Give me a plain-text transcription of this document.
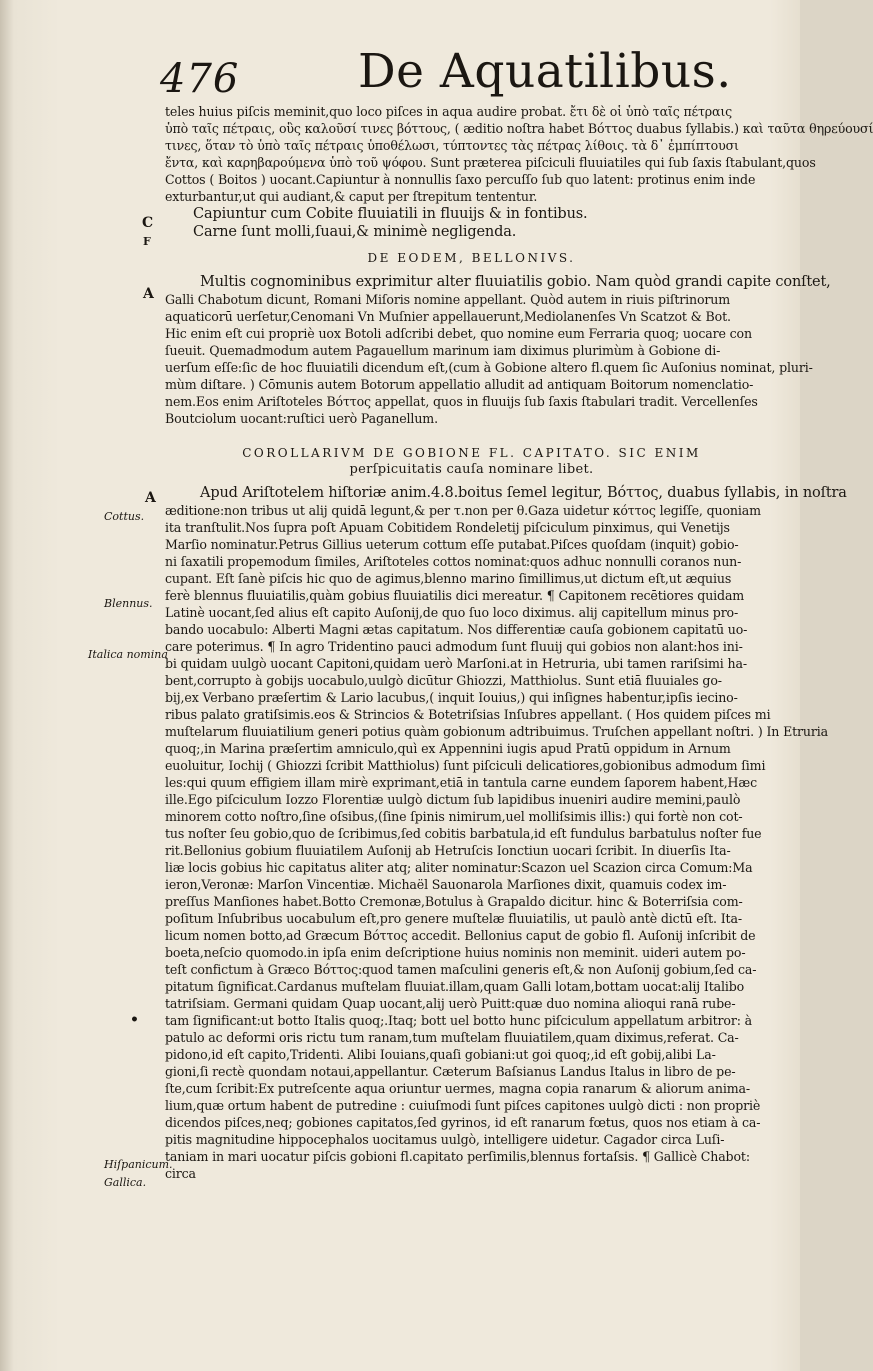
476	De Aquatilibus.
C
F
A
A
•
Cottus.
Blennus.
Italica nomina
Hiſpanicum.
Gallica.
DE EODEM, BELLONIVS.
COROLLARIVM DE GOBIONE FL. CAPITATO. SIC ENIM
perſpicuitatis cauſa nominare libet.
teles huius piſcis meminit,quo loco piſces in aqua audire probat. ἔτι δὲ οἱ ὑπὸ ταῖς πέτραις
ὑπὸ ταῖς πέτραις, οὓς καλοῦσί τινες βόττους, ( æditio noſtra habet Βόττος duabus ſyllabis.) καὶ ταῦτα θηρεύουσί
τινες, ὅταν τὸ ὑπὸ ταῖς πέτραις ὑποθέλωσι, τύπτοντες τὰς πέτρας λίθοις. τὰ δ᾽ ἐμπίπτουσι
ἔντα, καὶ καρηβαρούμενα ὑπὸ τοῦ ψόφου. Sunt præterea piſciculi fluuiatiles qui ſub ſaxis ſtabulant,quos
Cottos ( Βoitos ) uocant.Capiuntur à nonnullis ſaxo percuſſo ſub quo latent: protinus enim inde
exturbantur,ut qui audiant,& caput per ſtrepitum tententur.
Capiuntur cum Cobite fluuiatili in fluuijs & in fontibus.
Carne ſunt molli,ſuaui,& minimè negligenda.
Multis cognominibus exprimitur alter fluuiatilis gobio. Nam quòd grandi capite conſtet,
Galli Chabotum dicunt, Romani Miſoris nomine appellant. Quòd autem in riuis piſtrinorum
aquaticorū uerſetur,Cenomani Vn Muſnier appellauerunt,Mediolanenſes Vn Scatzot & Bot.
Hic enim eſt cui propriè uox Botoli adſcribi debet, quo nomine eum Ferraria quoq; uocare con
ſueuit. Quemadmodum autem Pagauellum marinum iam diximus plurimùm à Gobione di-
uerſum eſſe:ſic de hoc fluuiatili dicendum eſt,(cum à Gobione altero fl.quem ſic Auſonius nominat, pluri-
mùm diſtare. ) Cōmunis autem Botorum appellatio alludit ad antiquam Boitorum nomenclatio-
nem.Eos enim Ariſtoteles Βόττος appellat, quos in fluuijs ſub ſaxis ſtabulari tradit. Vercellenſes
Boutciolum uocant:ruſtici uerò Paganellum.
Apud Ariſtotelem hiſtoriæ anim.4.8.boitus ſemel legitur, Βόττος, duabus ſyllabis, in noſtra
æditione:non tribus ut alij quidā legunt,& per τ.non per θ.Gaza uidetur κόττος legiſſe, quoniam
ita tranſtulit.Nos ſupra poſt Apuam Cobitidem Rondeletij piſciculum pinximus, qui Venetijs
Marſio nominatur.Petrus Gillius ueterum cottum eſſe putabat.Piſces quoſdam (inquit) gobio-
ni ſaxatili propemodum ſimiles, Ariſtoteles cottos nominat:quos adhuc nonnulli coranos nun-
cupant. Eſt ſanè piſcis hic quo de agimus,blenno marino ſimillimus,ut dictum eſt,ut æquius
ferè blennus fluuiatilis,quàm gobius fluuiatilis dici mereatur. ¶ Capitonem recētiores quidam
Latinè uocant,ſed alius eſt capito Auſonij,de quo ſuo loco diximus. alij capitellum minus pro-
bando uocabulo: Alberti Magni ætas capitatum. Nos differentiæ cauſa gobionem capitatū uo-
care poterimus. ¶ In agro Tridentino pauci admodum ſunt fluuij qui gobios non alant:hos ini-
bi quidam uulgò uocant Capitoni,quidam uerò Marſoni.at in Hetruria, ubi tamen rariſsimi ha-
bent,corrupto à gobijs uocabulo,uulgò dicūtur Ghiozzi, Matthiolus. Sunt etiā fluuiales go-
bij,ex Verbano præſertim & Lario lacubus,( inquit Iouius,) qui inſignes habentur,ipſis iecino-
ribus palato gratiſsimis.eos & Strincios & Botetriſsias Inſubres appellant. ( Hos quidem piſces mi
muſtelarum fluuiatilium generi potius quàm gobionum adtribuimus. Truſchen appellant noſtri. ) In Etruria
quoq;,in Marina præſertim amniculo,quì ex Appennini iugis apud Pratū oppidum in Arnum
euoluitur, Iochij ( Ghiozzi ſcribit Matthiolus) ſunt piſciculi delicatiores,gobionibus admodum ſimi
les:qui quum effigiem illam mirè exprimant,etiā in tantula carne eundem ſaporem habent,Hæc
ille.Ego piſciculum Iozzo Florentiæ uulgò dictum ſub lapidibus inueniri audire memini,paulò
minorem cotto noſtro,ſine oſsibus,(ſine ſpinis nimirum,uel molliſsimis illis:) qui fortè non cot-
tus noſter ſeu gobio,quo de ſcribimus,ſed cobitis barbatula,id eſt fundulus barbatulus noſter fue
rit.Bellonius gobium fluuiatilem Auſonij ab Hetruſcis Ionctiun uocari ſcribit. In diuerſis Ita-
liæ locis gobius hic capitatus aliter atq; aliter nominatur:Scazon uel Scazion circa Comum:Ma
ieron,Veronæ: Marſon Vincentiæ. Michaël Sauonarola Marſiones dixit, quamuis codex im-
preſſus Manſiones habet.Botto Cremonæ,Botulus à Grapaldo dicitur. hinc & Boterriſsia com-
poſitum Inſubribus uocabulum eſt,pro genere muſtelæ fluuiatilis, ut paulò antè dictū eſt. Ita-
licum nomen botto,ad Græcum Βόττος accedit. Bellonius caput de gobio fl. Auſonij inſcribit de
boeta,neſcio quomodo.in ipſa enim deſcriptione huius nominis non meminit. uideri autem po-
teſt confictum à Græco Βόττος:quod tamen maſculini generis eſt,& non Auſonij gobium,ſed ca-
pitatum ſignificat.Cardanus muſtelam fluuiat.illam,quam Galli lotam,bottam uocat:alij Italibo
tatriſsiam. Germani quidam Quap uocant,alij uerò Puitt:quæ duo nomina alioqui ranā rube-
tam ſignificant:ut botto Italis quoq;.Itaq; bott uel botto hunc piſciculum appellatum arbitror: à
patulo ac deformi oris rictu tum ranam,tum muſtelam fluuiatilem,quam diximus,referat. Ca-
pidono,id eſt capito,Tridenti. Alibi Iouians,quaſi gobiani:ut goi quoq;,id eſt gobij,alibi La-
gioni,ſi rectè quondam notaui,appellantur. Cæterum Baſsianus Landus Italus in libro de pe-
ſte,cum ſcribit:Ex putreſcente aqua oriuntur uermes, magna copia ranarum & aliorum anima-
lium,quæ ortum habent de putredine : cuiuſmodi ſunt piſces capitones uulgò dicti : non propriè
dicendos piſces,neq; gobiones capitatos,ſed gyrinos, id eſt ranarum fœtus, quos nos etiam à ca-
pitis magnitudine hippocephalos uocitamus uulgò, intelligere uidetur. Cagador circa Luſi-
taniam in mari uocatur piſcis gobioni fl.capitato perſimilis,blennus fortaſsis. ¶ Gallicè Chabot:
circa
